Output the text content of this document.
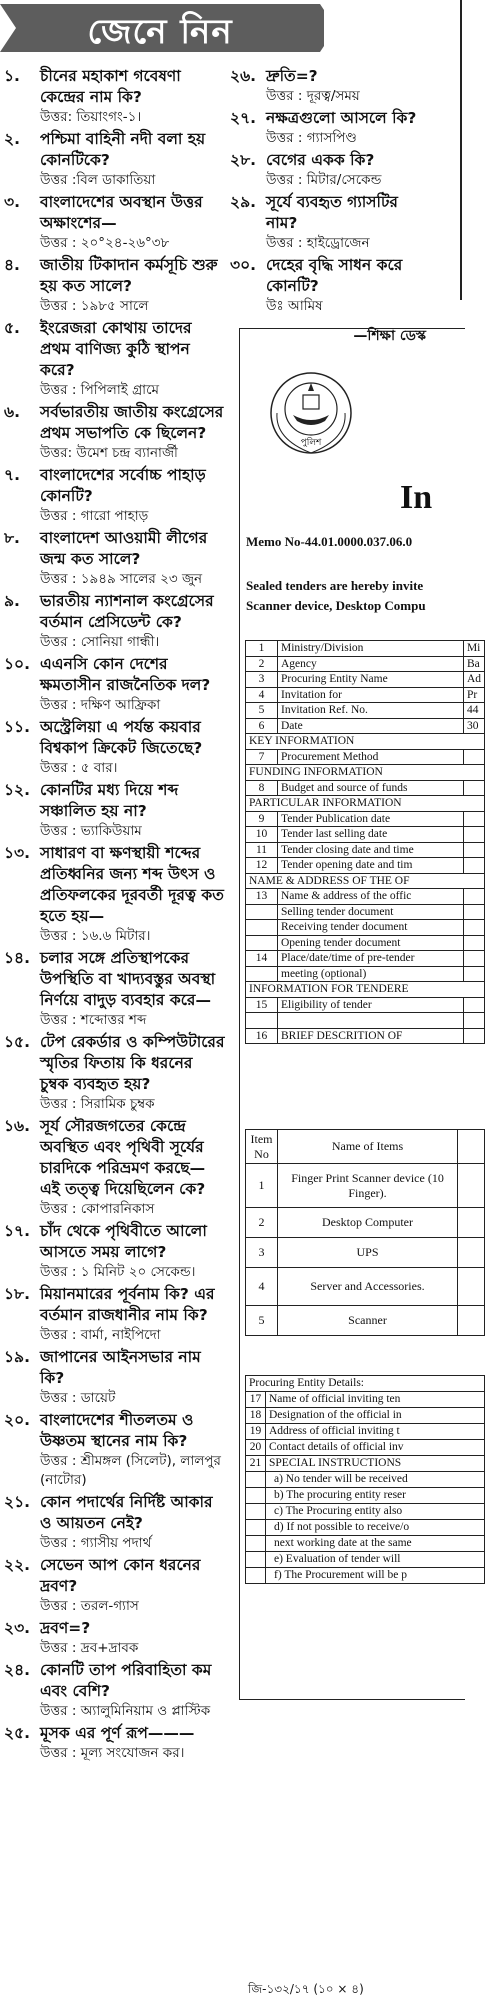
জেনে নিন
১.	চীনের মহাকাশ গবেষণা কেন্দ্রের নাম কি?
উত্তর: তিয়াংগং-১।
২.	পশ্চিমা বাহিনী নদী বলা হয় কোনটিকে?
উত্তর :বিল ডাকাতিয়া
৩.	বাংলাদেশের অবস্থান উত্তর অক্ষাংশের—
উত্তর : ২০°২৪-২৬°৩৮
৪.	জাতীয় টিকাদান কর্মসূচি শুরু হয় কত সালে?
উত্তর : ১৯৮৫ সালে
৫.	ইংরেজরা কোথায় তাদের প্রথম বাণিজ্য কুঠি স্থাপন করে?
উত্তর : পিপিলাই গ্রামে
৬.	সর্বভারতীয় জাতীয় কংগ্রেসের প্রথম সভাপতি কে ছিলেন?
উত্তর: উমেশ চন্দ্র ব্যানার্জী
৭.	বাংলাদেশের সর্বোচ্চ পাহাড় কোনটি?
উত্তর : গারো পাহাড়
৮.	বাংলাদেশ আওয়ামী লীগের জন্ম কত সালে?
উত্তর : ১৯৪৯ সালের ২৩ জুন
৯.	ভারতীয় ন্যাশনাল কংগ্রেসের বর্তমান প্রেসিডেন্ট কে?
উত্তর : সোনিয়া গান্ধী।
১০. এএনসি কোন দেশের ক্ষমতাসীন রাজনৈতিক দল?
উত্তর : দক্ষিণ আফ্রিকা
১১. অস্ট্রেলিয়া এ পর্যন্ত কয়বার বিশ্বকাপ ক্রিকেট জিতেছে?
উত্তর : ৫ বার।
১২. কোনটির মধ্য দিয়ে শব্দ সঞ্চালিত হয় না?
উত্তর : ভ্যাকিউয়াম
১৩. সাধারণ বা ক্ষণস্থায়ী শব্দের প্রতিধ্বনির জন্য শব্দ উৎস ও প্রতিফলকের দূরবর্তী দূরত্ব কত হতে হয়—
উত্তর : ১৬.৬ মিটার।
১৪. চলার সঙ্গে প্রতিস্থাপকের উপস্থিতি বা খাদ্যবস্তুর অবস্থা নির্ণয়ে বাদুড় ব্যবহার করে—
উত্তর : শব্দোত্তর শব্দ
১৫. টেপ রেকর্ডার ও কম্পিউটারের স্মৃতির ফিতায় কি ধরনের চুম্বক ব্যবহৃত হয়?
উত্তর : সিরামিক চুম্বক
১৬. সূর্য সৌরজগতের কেন্দ্রে অবস্থিত এবং পৃথিবী সূর্যের চারদিকে পরিভ্রমণ করছে— এই তত্ত্ব দিয়েছিলেন কে?
উত্তর : কোপারনিকাস
১৭. চাঁদ থেকে পৃথিবীতে আলো আসতে সময় লাগে?
উত্তর : ১ মিনিট ২০ সেকেন্ড।
১৮. মিয়ানমারের পূর্বনাম কি? এর বর্তমান রাজধানীর নাম কি?
উত্তর : বার্মা, নাইপিদো
১৯. জাপানের আইনসভার নাম কি?
উত্তর : ডায়েট
২০. বাংলাদেশের শীতলতম ও উষ্ণতম স্থানের নাম কি?
উত্তর : শ্রীমঙ্গল (সিলেট), লালপুর (নাটোর)
২১. কোন পদার্থের নির্দিষ্ট আকার ও আয়তন নেই?
উত্তর : গ্যাসীয় পদার্থ
২২. সেভেন আপ কোন ধরনের দ্রবণ?
উত্তর : তরল-গ্যাস
২৩. দ্রবণ=?
উত্তর : দ্রব+দ্রাবক
২৪. কোনটি তাপ পরিবাহিতা কম এবং বেশি?
উত্তর : অ্যালুমিনিয়াম ও প্লাস্টিক
২৫. মূসক এর পূর্ণ রূপ———
উত্তর : মূল্য সংযোজন কর।
২৬. দ্রুতি=?
উত্তর : দূরত্ব/সময়
২৭. নক্ষত্রগুলো আসলে কি?
উত্তর : গ্যাসপিণ্ড
২৮. বেগের একক কি?
উত্তর : মিটার/সেকেন্ড
২৯. সূর্যে ব্যবহৃত গ্যাসটির নাম?
উত্তর : হাইড্রোজেন
৩০. দেহের বৃদ্ধি সাধন করে কোনটি?
উঃ আমিষ
—শিক্ষা ডেস্ক
পুলিশ
In
Memo No-44.01.0000.037.06.0
Sealed tenders are hereby invite
Scanner device, Desktop Compu
1	Ministry/Division	Mi
2	Agency	Ba
3	Procuring Entity Name	Ad
4	Invitation for	Pr
5	Invitation Ref. No.	44
6	Date	30
KEY INFORMATION		
7	Procurement Method	
FUNDING INFORMATION		
8	Budget and source of funds	
PARTICULAR INFORMATION		
9	Tender Publication date	
10	Tender last selling date	
11	Tender closing date and time	
12	Tender opening date and tim	
NAME & ADDRESS OF THE OF		
13	Name & address of the offic	
	Selling tender document	
	Receiving tender document	
	Opening tender document	
14	Place/date/time of pre-tender	
	meeting (optional)	
INFORMATION FOR TENDERE		
15	Eligibility of tender	

16	BRIEF DESCRITION OF	
Item No	Name of Items	
1	Finger Print Scanner device (10 Finger).	
2	Desktop Computer	
3	UPS	
4	Server and Accessories.	
5	Scanner	
Procuring Entity Details:	
17	Name of official inviting ten
18	Designation of the official in
19	Address of official inviting t
20	Contact details of official inv
21	SPECIAL INSTRUCTIONS
	a) No tender will be received
	b) The procuring entity reser
	c) The Procuring entity also
	d) If not possible to receive/o
	next working date at the same
	e) Evaluation of tender will
	f) The Procurement will be p
জি-১৩২/১৭ (১০ × ৪)
